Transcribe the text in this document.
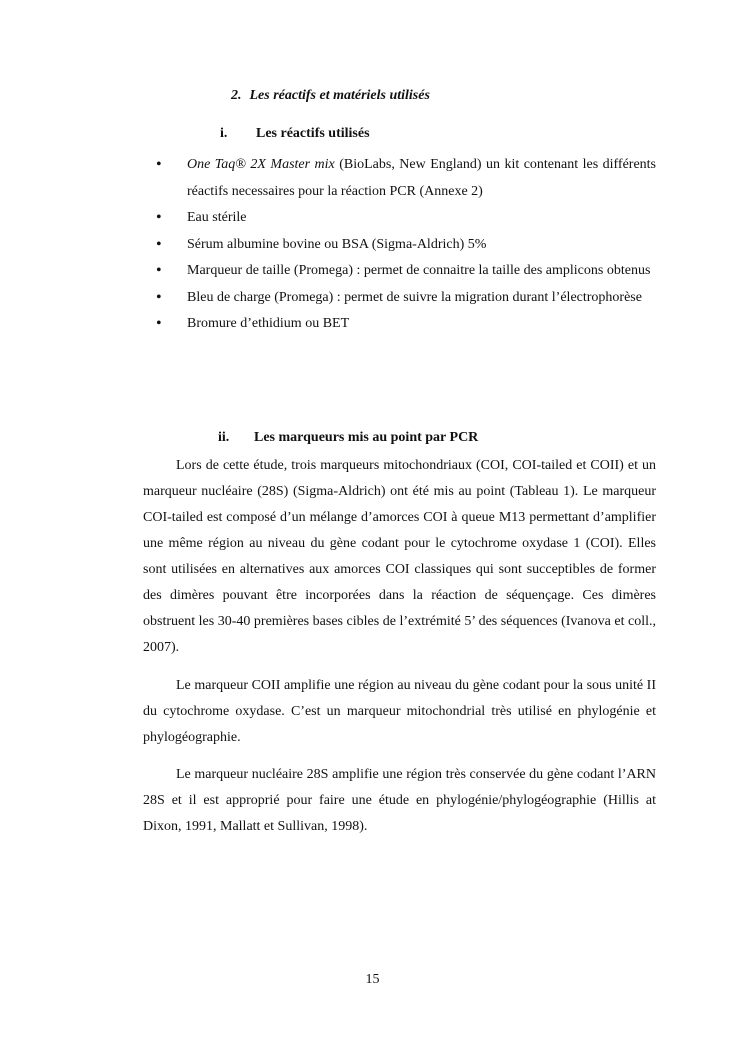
2. Les réactifs et matériels utilisés
i. Les réactifs utilisés
• One Taq® 2X Master mix (BioLabs, New England) un kit contenant les différents réactifs necessaires pour la réaction PCR (Annexe 2)
• Eau stérile
• Sérum albumine bovine ou BSA (Sigma-Aldrich) 5%
• Marqueur de taille (Promega) : permet de connaitre la taille des amplicons obtenus
• Bleu de charge (Promega) : permet de suivre la migration durant l’électrophorèse
• Bromure d’ethidium ou BET
ii. Les marqueurs mis au point par PCR

Lors de cette étude, trois marqueurs mitochondriaux (COI, COI-tailed et COII) et un marqueur nucléaire (28S) (Sigma-Aldrich) ont été mis au point (Tableau 1). Le marqueur COI-tailed est composé d’un mélange d’amorces COI à queue M13 permettant d’amplifier une même région au niveau du gène codant pour le cytochrome oxydase 1 (COI). Elles sont utilisées en alternatives aux amorces COI classiques qui sont succeptibles de former des dimères pouvant être incorporées dans la réaction de séquençage. Ces dimères obstruent les 30-40 premières bases cibles de l’extrémité 5’ des séquences (Ivanova et coll., 2007).

Le marqueur COII amplifie une région au niveau du gène codant pour la sous unité II du cytochrome oxydase. C’est un marqueur mitochondrial très utilisé en phylogénie et phylogéographie.

Le marqueur nucléaire 28S amplifie une région très conservée du gène codant l’ARN 28S et il est approprié pour faire une étude en phylogénie/phylogéographie (Hillis at Dixon, 1991, Mallatt et Sullivan, 1998).

15
